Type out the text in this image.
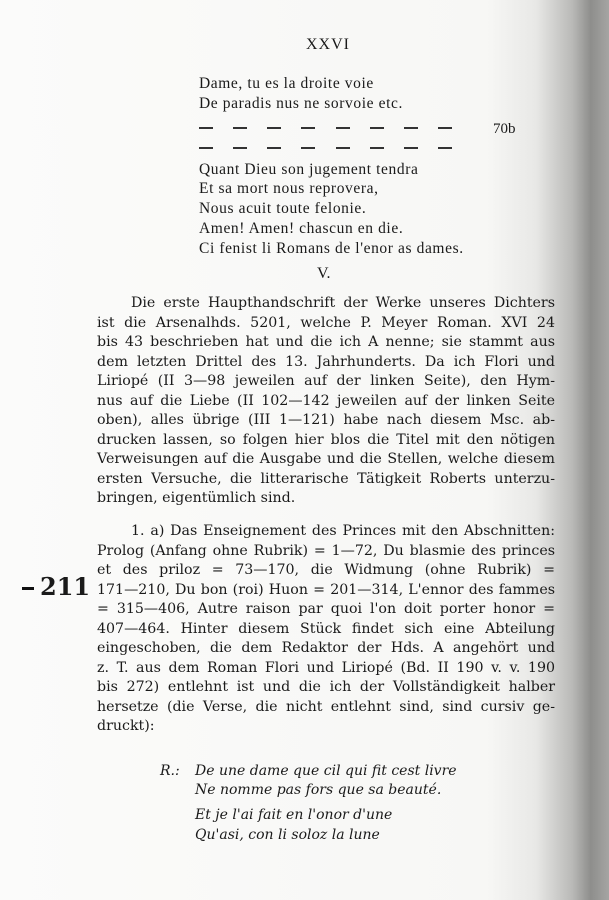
XXVI
Dame, tu es la droite voie
De paradis nus ne sorvoie etc.
70b
Quant Dieu son jugement tendra
Et sa mort nous reprovera,
Nous acuit toute felonie.
Amen! Amen! chascun en die.
Ci fenist li Romans de l'enor as dames.
V.
Die erste Haupthandschrift der Werke unseres Dichters
ist die Arsenalhds. 5201, welche P. Meyer Roman. XVI 24
bis 43 beschrieben hat und die ich A nenne; sie stammt aus
dem letzten Drittel des 13. Jahrhunderts. Da ich Flori und
Liriopé (II 3—98 jeweilen auf der linken Seite), den Hym-
nus auf die Liebe (II 102—142 jeweilen auf der linken Seite
oben), alles übrige (III 1—121) habe nach diesem Msc. ab-
drucken lassen, so folgen hier blos die Titel mit den nötigen
Verweisungen auf die Ausgabe und die Stellen, welche diesem
ersten Versuche, die litterarische Tätigkeit Roberts unterzu-
bringen, eigentümlich sind.
1. a) Das Enseignement des Princes mit den Abschnitten:
Prolog (Anfang ohne Rubrik) = 1—72, Du blasmie des princes
et des priloz = 73—170, die Widmung (ohne Rubrik) =
171—210, Du bon (roi) Huon = 201—314, L'ennor des fammes
= 315—406, Autre raison par quoi l'on doit porter honor =
407—464. Hinter diesem Stück findet sich eine Abteilung
eingeschoben, die dem Redaktor der Hds. A angehört und
z. T. aus dem Roman Flori und Liriopé (Bd. II 190 v. v. 190
bis 272) entlehnt ist und die ich der Vollständigkeit halber
hersetze (die Verse, die nicht entlehnt sind, sind cursiv ge-
druckt):
R.: De une dame que cil qui fit cest livre
Ne nomme pas fors que sa beauté.
Et je l'ai fait en l'onor d'une
Qu'asi, con li soloz la lune
211
